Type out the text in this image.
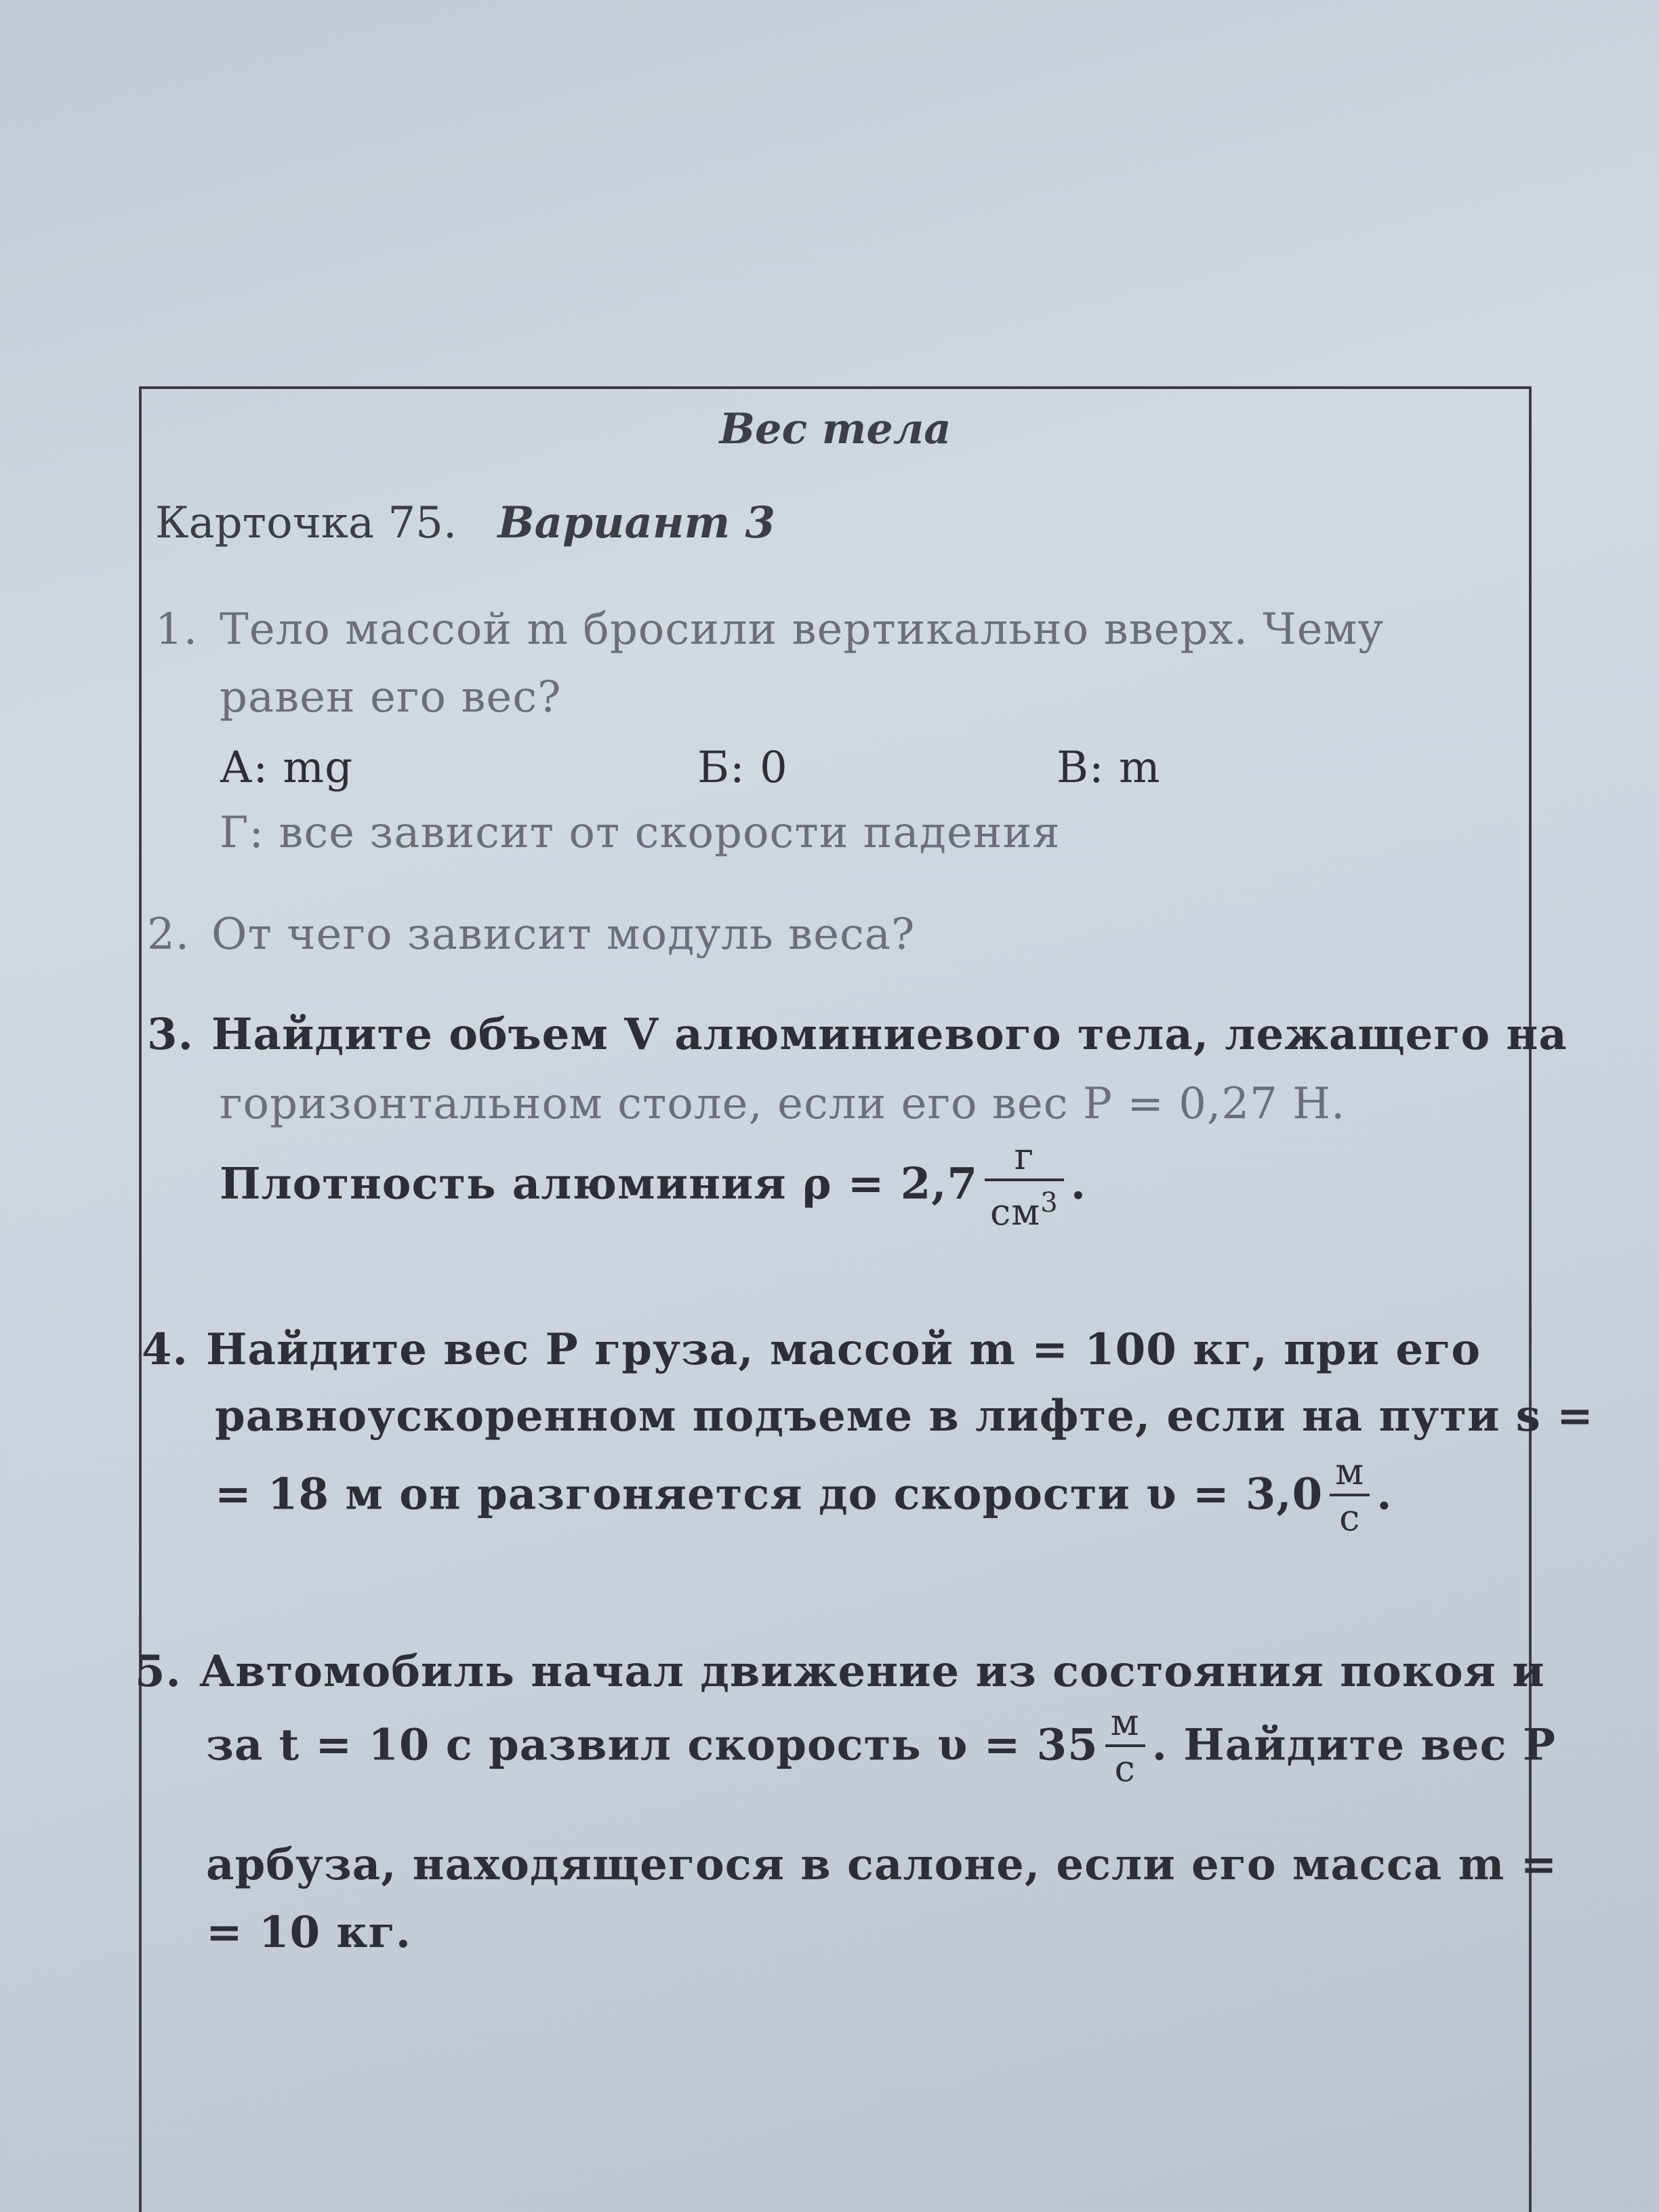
Вес тела
Карточка 75. Вариант 3
1. Тело массой m бросили вертикально вверх. Чему
равен его вес?
А: mg	Б: 0	В: m
Г: все зависит от скорости падения
2. От чего зависит модуль веса?
3. Найдите объем V алюминиевого тела, лежащего на
горизонтальном столе, если его вес P = 0,27 Н.
Плотность алюминия $\rho = 2,7 \frac{г}{см^3}$ .
4. Найдите вес P груза, массой m = 100 кг, при его
равноускоренном подъеме в лифте, если на пути s =
= 18 м он разгоняется до скорости $\upsilon = 3,0 \frac{м}{с}$ .
5. Автомобиль начал движение из состояния покоя и
за t = 10 с развил скорость $\upsilon = 35 \frac{м}{с}$ . Найдите вес P
арбуза, находящегося в салоне, если его масса m =
= 10 кг.
